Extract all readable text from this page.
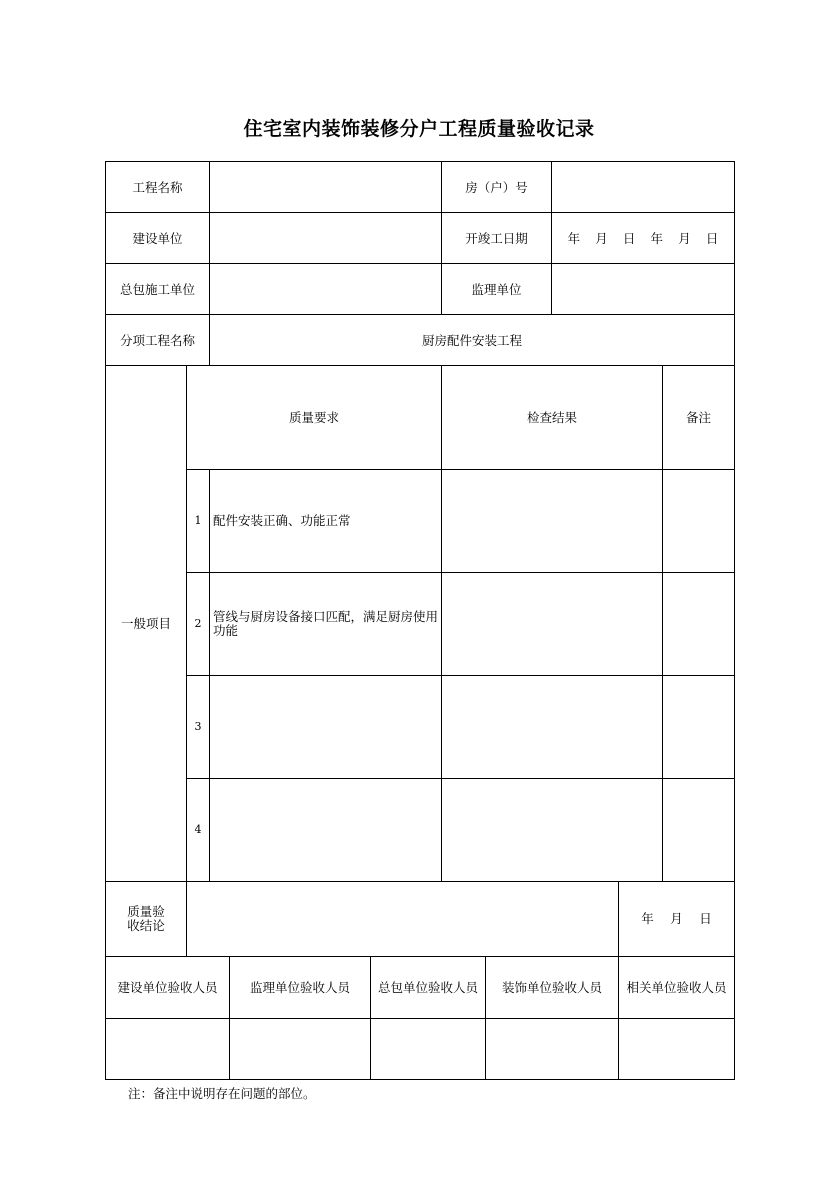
住宅室内装饰装修分户工程质量验收记录
工程名称	房（户）号
建设单位	开竣工日期	年 月 日 年 月 日
总包施工单位	监理单位
分项工程名称	厨房配件安装工程
一般项目
质量要求	检查结果	备注
1 配件安装正确、功能正常
2 管线与厨房设备接口匹配，满足厨房使用功能
3
4
质量验收结论	年 月 日
建设单位验收人员	监理单位验收人员	总包单位验收人员	装饰单位验收人员	相关单位验收人员
注：备注中说明存在问题的部位。
